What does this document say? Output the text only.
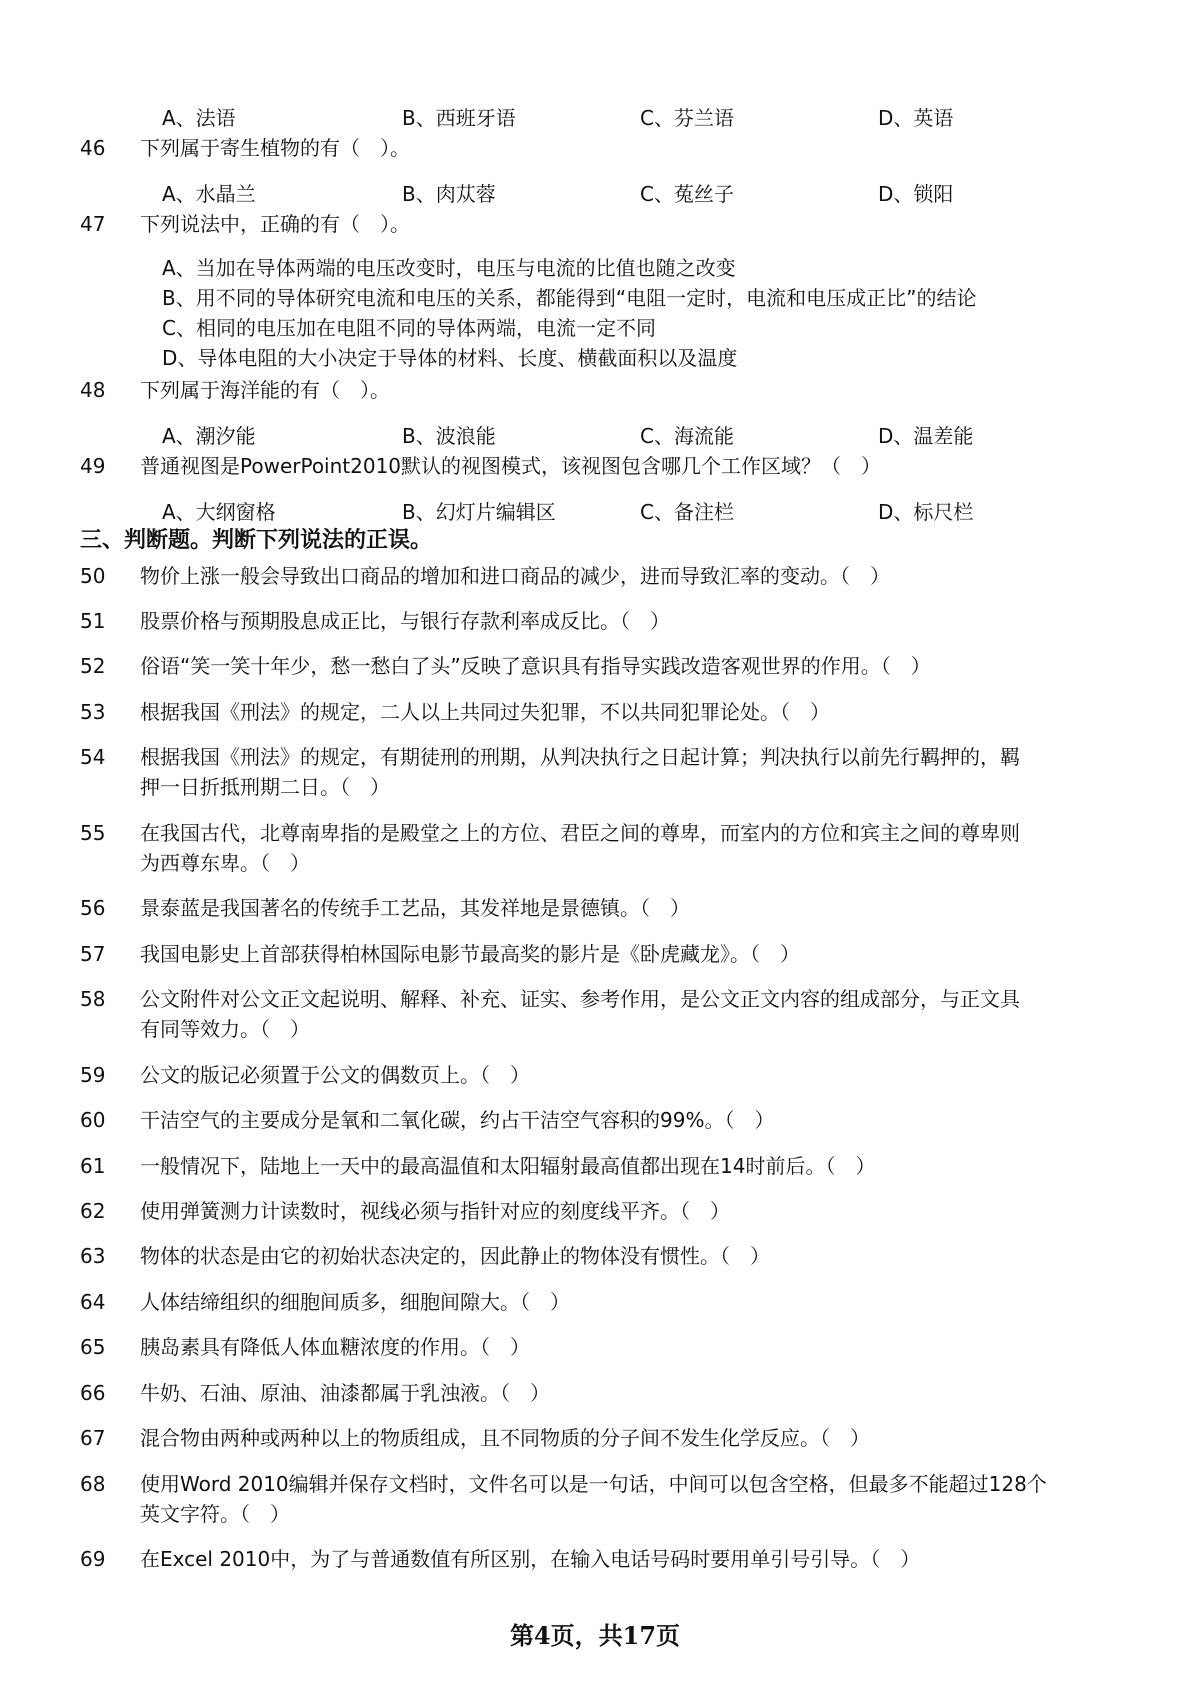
A、法语	B、西班牙语	C、芬兰语	D、英语
46 下列属于寄生植物的有（　）。
A、水晶兰	B、肉苁蓉	C、菟丝子	D、锁阳
47 下列说法中，正确的有（　）。
A、当加在导体两端的电压改变时，电压与电流的比值也随之改变
B、用不同的导体研究电流和电压的关系，都能得到“电阻一定时，电流和电压成正比”的结论
C、相同的电压加在电阻不同的导体两端，电流一定不同
D、导体电阻的大小决定于导体的材料、长度、横截面积以及温度
48 下列属于海洋能的有（　）。
A、潮汐能	B、波浪能	C、海流能	D、温差能
49 普通视图是PowerPoint2010默认的视图模式，该视图包含哪几个工作区域？（　）
A、大纲窗格	B、幻灯片编辑区	C、备注栏	D、标尺栏
三、判断题。判断下列说法的正误。
50 物价上涨一般会导致出口商品的增加和进口商品的减少，进而导致汇率的变动。（　）
51 股票价格与预期股息成正比，与银行存款利率成反比。（　）
52 俗语“笑一笑十年少，愁一愁白了头”反映了意识具有指导实践改造客观世界的作用。（　）
53 根据我国《刑法》的规定，二人以上共同过失犯罪，不以共同犯罪论处。（　）
54 根据我国《刑法》的规定，有期徒刑的刑期，从判决执行之日起计算；判决执行以前先行羁押的，羁
押一日折抵刑期二日。（　）
55 在我国古代，北尊南卑指的是殿堂之上的方位、君臣之间的尊卑，而室内的方位和宾主之间的尊卑则
为西尊东卑。（　）
56 景泰蓝是我国著名的传统手工艺品，其发祥地是景德镇。（　）
57 我国电影史上首部获得柏林国际电影节最高奖的影片是《卧虎藏龙》。（　）
58 公文附件对公文正文起说明、解释、补充、证实、参考作用，是公文正文内容的组成部分，与正文具
有同等效力。（　）
59 公文的版记必须置于公文的偶数页上。（　）
60 干洁空气的主要成分是氧和二氧化碳，约占干洁空气容积的99%。（　）
61 一般情况下，陆地上一天中的最高温值和太阳辐射最高值都出现在14时前后。（　）
62 使用弹簧测力计读数时，视线必须与指针对应的刻度线平齐。（　）
63 物体的状态是由它的初始状态决定的，因此静止的物体没有惯性。（　）
64 人体结缔组织的细胞间质多，细胞间隙大。（　）
65 胰岛素具有降低人体血糖浓度的作用。（　）
66 牛奶、石油、原油、油漆都属于乳浊液。（　）
67 混合物由两种或两种以上的物质组成，且不同物质的分子间不发生化学反应。（　）
68 使用Word 2010编辑并保存文档时，文件名可以是一句话，中间可以包含空格，但最多不能超过128个
英文字符。（　）
69 在Excel 2010中，为了与普通数值有所区别，在输入电话号码时要用单引号引导。（　）
第4页，共17页
